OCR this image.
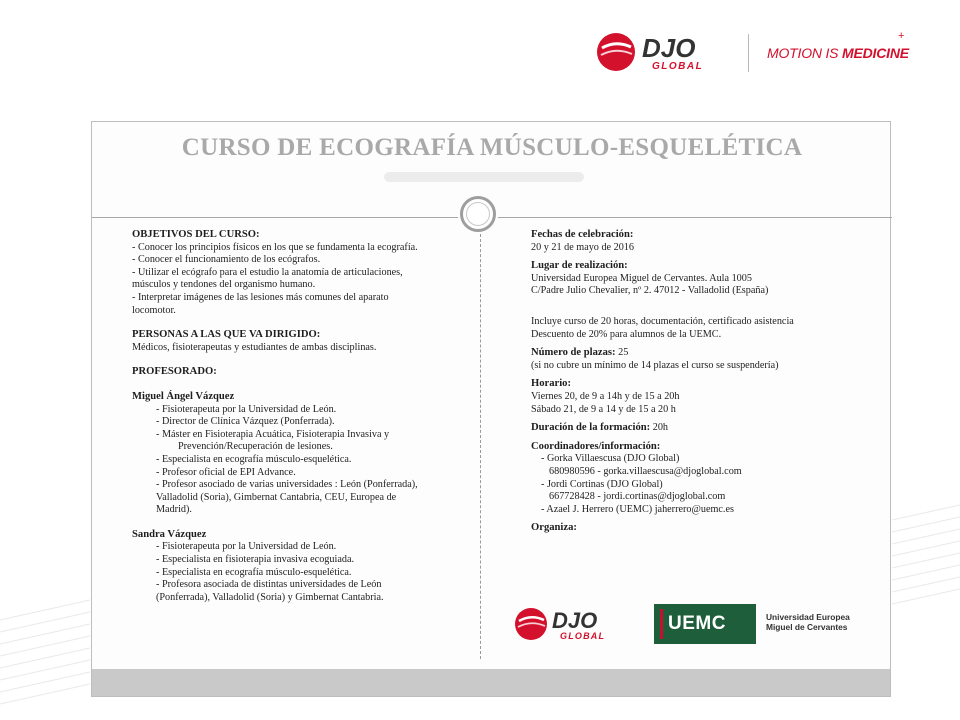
DJO
GLOBAL
+
MOTION IS MEDICINE
CURSO DE ECOGRAFÍA MÚSCULO-ESQUELÉTICA

OBJETIVOS DEL CURSO:

- Conocer los principios físicos en los que se fundamenta la ecografía.

- Conocer el funcionamiento de los ecógrafos.

- Utilizar el ecógrafo para el estudio la anatomía de articulaciones,

músculos y tendones del organismo humano.

- Interpretar imágenes de las lesiones más comunes del aparato

locomotor.

PERSONAS A LAS QUE VA DIRIGIDO:

Médicos, fisioterapeutas y estudiantes de ambas disciplinas.

PROFESORADO:

Miguel Ángel Vázquez

- Fisioterapeuta por la Universidad de León.

- Director de Clínica Vázquez (Ponferrada).

- Máster en Fisioterapia Acuática, Fisioterapia Invasiva y

Prevención/Recuperación de lesiones.

- Especialista en ecografía músculo-esquelética.

- Profesor oficial de EPI Advance.

- Profesor asociado de varias universidades : León (Ponferrada),

Valladolid (Soria), Gimbernat Cantabria, CEU, Europea de

Madrid).

Sandra Vázquez

- Fisioterapeuta por la Universidad de León.

- Especialista en fisioterapia invasiva ecoguiada.

- Especialista en ecografía músculo-esquelética.

- Profesora asociada de distintas universidades de León

(Ponferrada), Valladolid (Soria) y Gimbernat Cantabria.

Fechas de celebración:

20 y 21 de mayo de 2016

Lugar de realización:

Universidad Europea Miguel de Cervantes. Aula 1005

C/Padre Julio Chevalier, nº 2. 47012 - Valladolid (España)

Incluye curso de 20 horas, documentación, certificado asistencia

Descuento de 20% para alumnos de la UEMC.

Número de plazas: 25

(si no cubre un mínimo de 14 plazas el curso se suspendería)

Horario:

Viernes 20, de 9 a 14h y de 15 a 20h

Sábado 21, de 9 a 14 y de 15 a 20 h

Duración de la formación: 20h

Coordinadores/información:

- Gorka Villaescusa (DJO Global)

680980596 - gorka.villaescusa@djoglobal.com

- Jordi Cortinas (DJO Global)

667728428 - jordi.cortinas@djoglobal.com

- Azael J. Herrero (UEMC) jaherrero@uemc.es

Organiza:

DJO
GLOBAL
UEMC	Universidad Europea
Miguel de Cervantes
